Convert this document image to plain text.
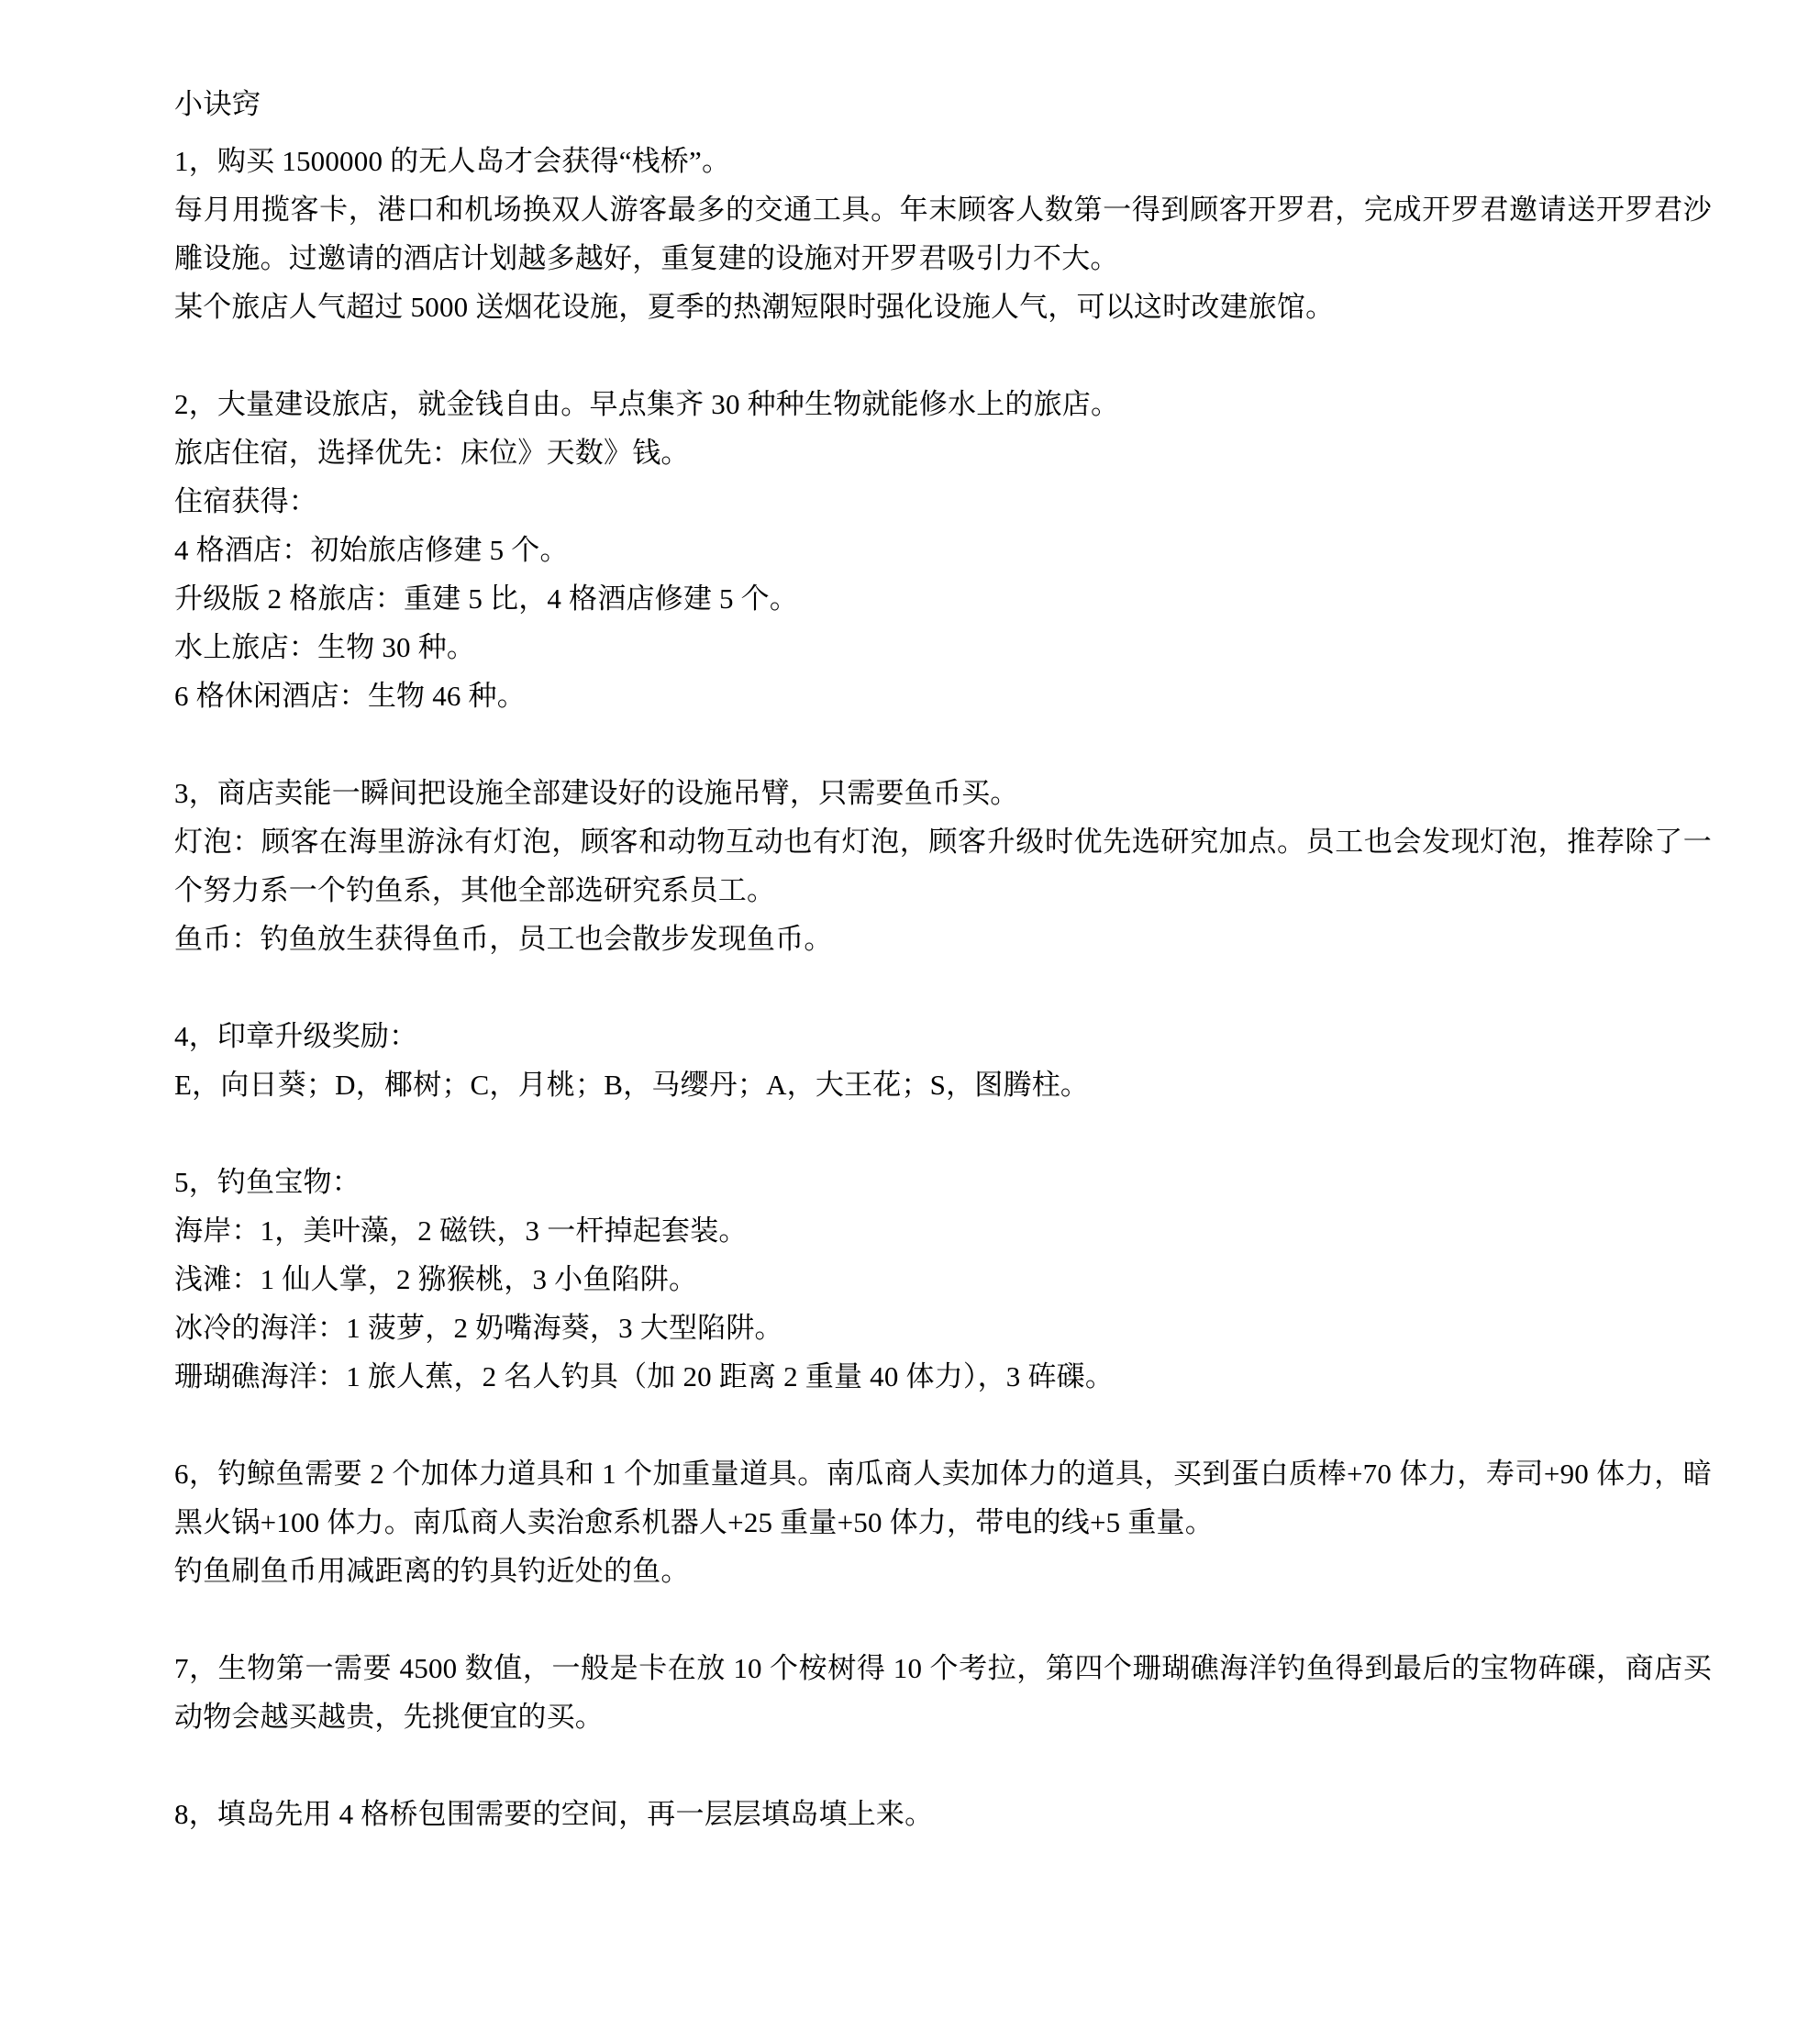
小诀窍

1，购买 1500000 的无人岛才会获得“栈桥”。

每月用揽客卡，港口和机场换双人游客最多的交通工具。年末顾客人数第一得到顾客开罗君，完成开罗君邀请送开罗君沙雕设施。过邀请的酒店计划越多越好，重复建的设施对开罗君吸引力不大。

某个旅店人气超过 5000 送烟花设施，夏季的热潮短限时强化设施人气，可以这时改建旅馆。

2，大量建设旅店，就金钱自由。早点集齐 30 种种生物就能修水上的旅店。

旅店住宿，选择优先：床位》天数》钱。

住宿获得：

4 格酒店：初始旅店修建 5 个。

升级版 2 格旅店：重建 5 比，4 格酒店修建 5 个。

水上旅店：生物 30 种。

6 格休闲酒店：生物 46 种。

3，商店卖能一瞬间把设施全部建设好的设施吊臂，只需要鱼币买。

灯泡：顾客在海里游泳有灯泡，顾客和动物互动也有灯泡，顾客升级时优先选研究加点。员工也会发现灯泡，推荐除了一个努力系一个钓鱼系，其他全部选研究系员工。

鱼币：钓鱼放生获得鱼币，员工也会散步发现鱼币。

4，印章升级奖励：

E，向日葵；D，椰树；C，月桃；B，马缨丹；A，大王花；S，图腾柱。

5，钓鱼宝物：

海岸：1，美叶藻，2 磁铁，3 一杆掉起套装。

浅滩：1 仙人掌，2 猕猴桃，3 小鱼陷阱。

冰冷的海洋：1 菠萝，2 奶嘴海葵，3 大型陷阱。

珊瑚礁海洋：1 旅人蕉，2 名人钓具（加 20 距离 2 重量 40 体力），3 砗磲。

6，钓鲸鱼需要 2 个加体力道具和 1 个加重量道具。南瓜商人卖加体力的道具，买到蛋白质棒+70 体力，寿司+90 体力，暗黑火锅+100 体力。南瓜商人卖治愈系机器人+25 重量+50 体力，带电的线+5 重量。

钓鱼刷鱼币用减距离的钓具钓近处的鱼。

7，生物第一需要 4500 数值，一般是卡在放 10 个桉树得 10 个考拉，第四个珊瑚礁海洋钓鱼得到最后的宝物砗磲，商店买动物会越买越贵，先挑便宜的买。

8，填岛先用 4 格桥包围需要的空间，再一层层填岛填上来。
